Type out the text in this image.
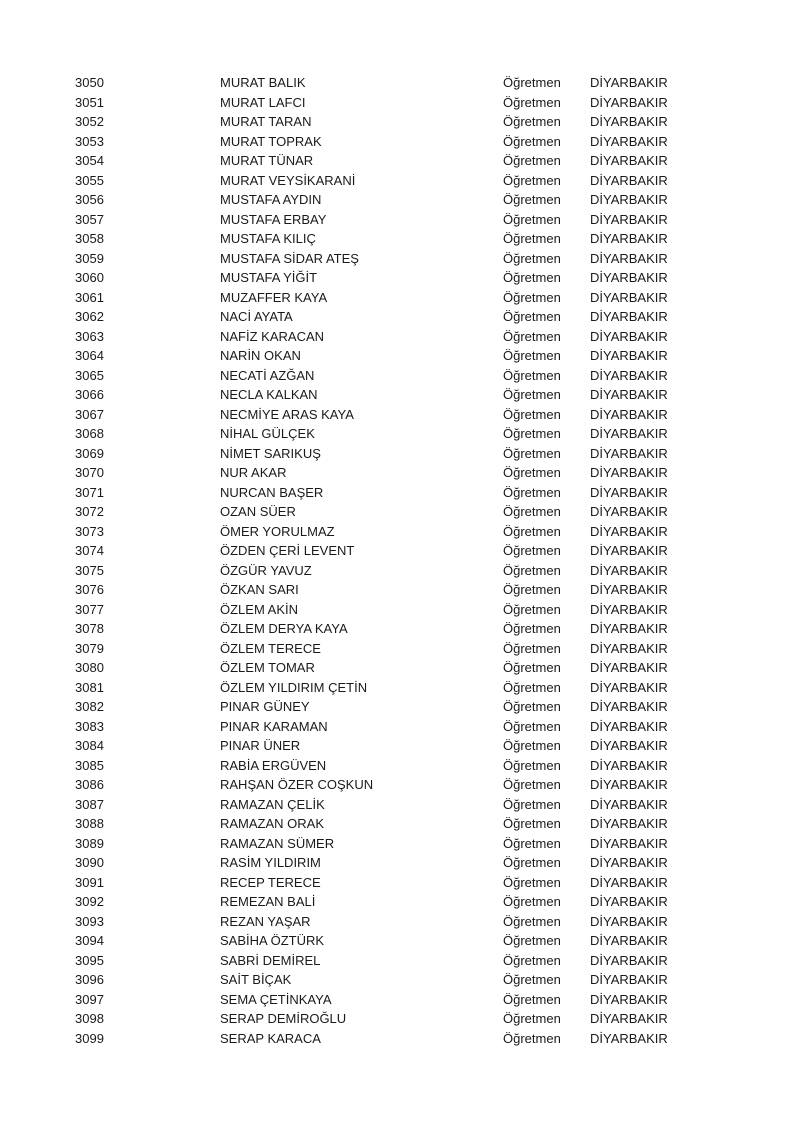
3050	MURAT BALIK	Öğretmen DİYARBAKIR
3051	MURAT LAFCI	Öğretmen DİYARBAKIR
3052	MURAT TARAN	Öğretmen DİYARBAKIR
3053	MURAT TOPRAK	Öğretmen DİYARBAKIR
3054	MURAT TÜNAR	Öğretmen DİYARBAKIR
3055	MURAT VEYSİKARANİ	Öğretmen DİYARBAKIR
3056	MUSTAFA AYDIN	Öğretmen DİYARBAKIR
3057	MUSTAFA ERBAY	Öğretmen DİYARBAKIR
3058	MUSTAFA KILIÇ	Öğretmen DİYARBAKIR
3059	MUSTAFA SİDAR ATEŞ	Öğretmen DİYARBAKIR
3060	MUSTAFA YİĞİT	Öğretmen DİYARBAKIR
3061	MUZAFFER KAYA	Öğretmen DİYARBAKIR
3062	NACİ AYATA	Öğretmen DİYARBAKIR
3063	NAFİZ KARACAN	Öğretmen DİYARBAKIR
3064	NARİN OKAN	Öğretmen DİYARBAKIR
3065	NECATİ AZĞAN	Öğretmen DİYARBAKIR
3066	NECLA KALKAN	Öğretmen DİYARBAKIR
3067	NECMİYE ARAS KAYA	Öğretmen DİYARBAKIR
3068	NİHAL GÜLÇEK	Öğretmen DİYARBAKIR
3069	NİMET SARIKUŞ	Öğretmen DİYARBAKIR
3070	NUR AKAR	Öğretmen DİYARBAKIR
3071	NURCAN BAŞER	Öğretmen DİYARBAKIR
3072	OZAN SÜER	Öğretmen DİYARBAKIR
3073	ÖMER YORULMAZ	Öğretmen DİYARBAKIR
3074	ÖZDEN ÇERİ LEVENT	Öğretmen DİYARBAKIR
3075	ÖZGÜR YAVUZ	Öğretmen DİYARBAKIR
3076	ÖZKAN SARI	Öğretmen DİYARBAKIR
3077	ÖZLEM AKİN	Öğretmen DİYARBAKIR
3078	ÖZLEM DERYA KAYA	Öğretmen DİYARBAKIR
3079	ÖZLEM TERECE	Öğretmen DİYARBAKIR
3080	ÖZLEM TOMAR	Öğretmen DİYARBAKIR
3081	ÖZLEM YILDIRIM ÇETİN	Öğretmen DİYARBAKIR
3082	PINAR GÜNEY	Öğretmen DİYARBAKIR
3083	PINAR KARAMAN	Öğretmen DİYARBAKIR
3084	PINAR ÜNER	Öğretmen DİYARBAKIR
3085	RABİA ERGÜVEN	Öğretmen DİYARBAKIR
3086	RAHŞAN ÖZER COŞKUN	Öğretmen DİYARBAKIR
3087	RAMAZAN ÇELİK	Öğretmen DİYARBAKIR
3088	RAMAZAN ORAK	Öğretmen DİYARBAKIR
3089	RAMAZAN SÜMER	Öğretmen DİYARBAKIR
3090	RASİM YILDIRIM	Öğretmen DİYARBAKIR
3091	RECEP TERECE	Öğretmen DİYARBAKIR
3092	REMEZAN BALİ	Öğretmen DİYARBAKIR
3093	REZAN YAŞAR	Öğretmen DİYARBAKIR
3094	SABİHA ÖZTÜRK	Öğretmen DİYARBAKIR
3095	SABRİ DEMİREL	Öğretmen DİYARBAKIR
3096	SAİT BİÇAK	Öğretmen DİYARBAKIR
3097	SEMA ÇETİNKAYA	Öğretmen DİYARBAKIR
3098	SERAP DEMİROĞLU	Öğretmen DİYARBAKIR
3099	SERAP KARACA	Öğretmen DİYARBAKIR
